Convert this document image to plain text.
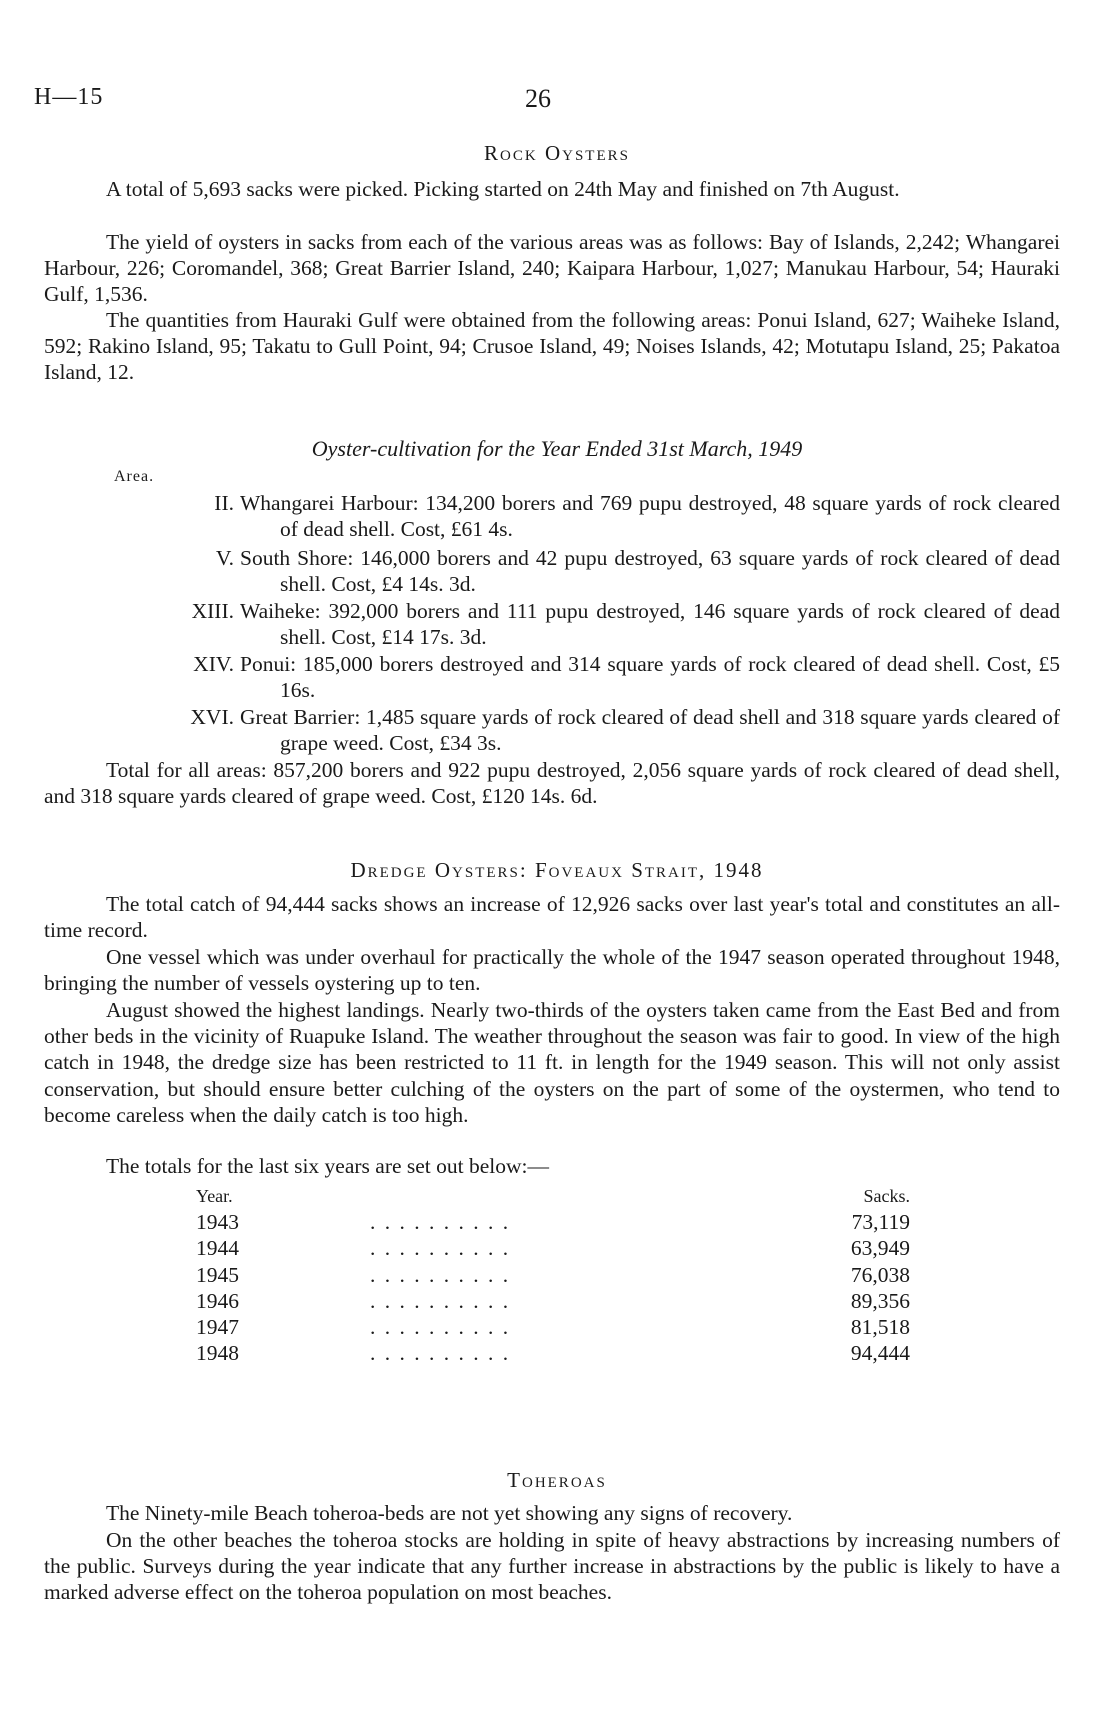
H—15	26
Rock Oysters

A total of 5,693 sacks were picked. Picking started on 24th May and finished on 7th August.

The yield of oysters in sacks from each of the various areas was as follows: Bay of Islands, 2,242; Whangarei Harbour, 226; Coromandel, 368; Great Barrier Island, 240; Kaipara Harbour, 1,027; Manukau Harbour, 54; Hauraki Gulf, 1,536.

The quantities from Hauraki Gulf were obtained from the following areas: Ponui Island, 627; Waiheke Island, 592; Rakino Island, 95; Takatu to Gull Point, 94; Crusoe Island, 49; Noises Islands, 42; Motutapu Island, 25; Pakatoa Island, 12.

Oyster-cultivation for the Year Ended 31st March, 1949
Area.
II. Whangarei Harbour: 134,200 borers and 769 pupu destroyed, 48 square yards of rock cleared of dead shell. Cost, £61 4s.
V. South Shore: 146,000 borers and 42 pupu destroyed, 63 square yards of rock cleared of dead shell. Cost, £4 14s. 3d.
XIII. Waiheke: 392,000 borers and 111 pupu destroyed, 146 square yards of rock cleared of dead shell. Cost, £14 17s. 3d.
XIV. Ponui: 185,000 borers destroyed and 314 square yards of rock cleared of dead shell. Cost, £5 16s.
XVI. Great Barrier: 1,485 square yards of rock cleared of dead shell and 318 square yards cleared of grape weed. Cost, £34 3s.

Total for all areas: 857,200 borers and 922 pupu destroyed, 2,056 square yards of rock cleared of dead shell, and 318 square yards cleared of grape weed. Cost, £120 14s. 6d.

Dredge Oysters: Foveaux Strait, 1948

The total catch of 94,444 sacks shows an increase of 12,926 sacks over last year's total and constitutes an all-time record.

One vessel which was under overhaul for practically the whole of the 1947 season operated throughout 1948, bringing the number of vessels oystering up to ten.

August showed the highest landings. Nearly two-thirds of the oysters taken came from the East Bed and from other beds in the vicinity of Ruapuke Island. The weather throughout the season was fair to good. In view of the high catch in 1948, the dredge size has been restricted to 11 ft. in length for the 1949 season. This will not only assist conservation, but should ensure better culching of the oysters on the part of some of the oystermen, who tend to become careless when the daily catch is too high.

The totals for the last six years are set out below:—

Year.	Sacks.
1943	. . . . . . . . . .	73,119
1944	. . . . . . . . . .	63,949
1945	. . . . . . . . . .	76,038
1946	. . . . . . . . . .	89,356
1947	. . . . . . . . . .	81,518
1948	. . . . . . . . . .	94,444
Toheroas

The Ninety-mile Beach toheroa-beds are not yet showing any signs of recovery.

On the other beaches the toheroa stocks are holding in spite of heavy abstractions by increasing numbers of the public. Surveys during the year indicate that any further increase in abstractions by the public is likely to have a marked adverse effect on the toheroa population on most beaches.
